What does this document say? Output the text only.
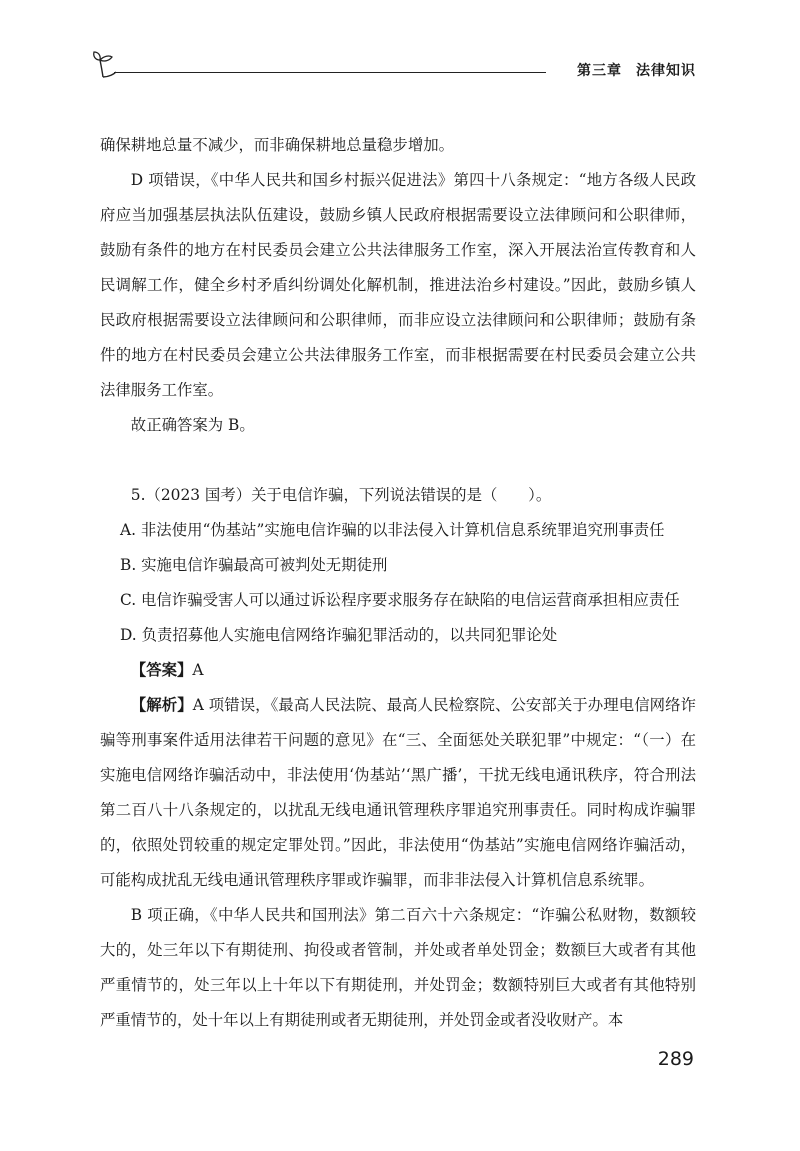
第三章 法律知识

确保耕地总量不减少，而非确保耕地总量稳步增加。

D 项错误，《中华人民共和国乡村振兴促进法》第四十八条规定：“地方各级人民政府应当加强基层执法队伍建设，鼓励乡镇人民政府根据需要设立法律顾问和公职律师，鼓励有条件的地方在村民委员会建立公共法律服务工作室，深入开展法治宣传教育和人民调解工作，健全乡村矛盾纠纷调处化解机制，推进法治乡村建设。”因此，鼓励乡镇人民政府根据需要设立法律顾问和公职律师，而非应设立法律顾问和公职律师；鼓励有条件的地方在村民委员会建立公共法律服务工作室，而非根据需要在村民委员会建立公共法律服务工作室。

故正确答案为 B。

5.（2023 国考）关于电信诈骗，下列说法错误的是（　　）。

A. 非法使用“伪基站”实施电信诈骗的以非法侵入计算机信息系统罪追究刑事责任

B. 实施电信诈骗最高可被判处无期徒刑

C. 电信诈骗受害人可以通过诉讼程序要求服务存在缺陷的电信运营商承担相应责任

D. 负责招募他人实施电信网络诈骗犯罪活动的，以共同犯罪论处

【答案】A

【解析】A 项错误，《最高人民法院、最高人民检察院、公安部关于办理电信网络诈骗等刑事案件适用法律若干问题的意见》在“三、全面惩处关联犯罪”中规定：“（一）在实施电信网络诈骗活动中，非法使用‘伪基站’‘黑广播’，干扰无线电通讯秩序，符合刑法第二百八十八条规定的，以扰乱无线电通讯管理秩序罪追究刑事责任。同时构成诈骗罪的，依照处罚较重的规定定罪处罚。”因此，非法使用“伪基站”实施电信网络诈骗活动，可能构成扰乱无线电通讯管理秩序罪或诈骗罪，而非非法侵入计算机信息系统罪。

B 项正确，《中华人民共和国刑法》第二百六十六条规定：“诈骗公私财物，数额较大的，处三年以下有期徒刑、拘役或者管制，并处或者单处罚金；数额巨大或者有其他严重情节的，处三年以上十年以下有期徒刑，并处罚金；数额特别巨大或者有其他特别严重情节的，处十年以上有期徒刑或者无期徒刑，并处罚金或者没收财产。本

289
